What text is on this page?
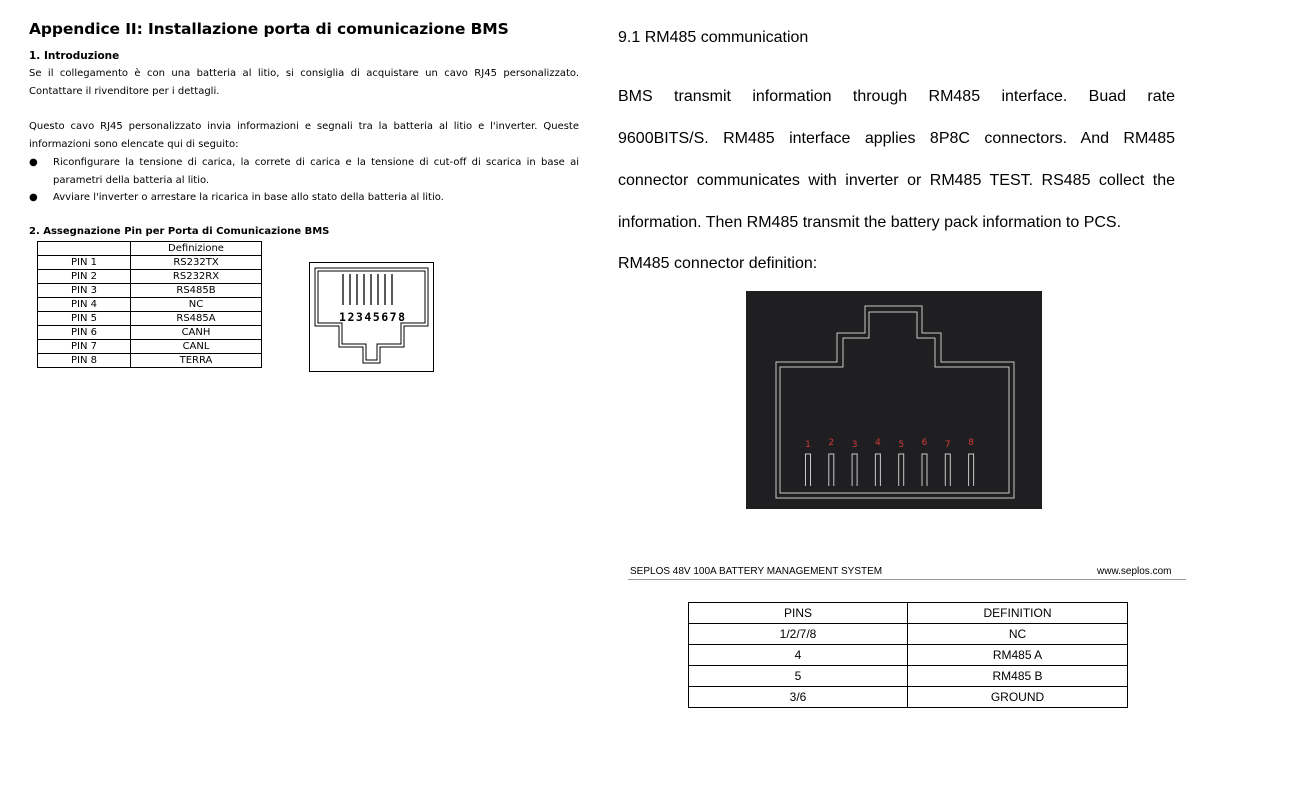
Appendice II: Installazione porta di comunicazione BMS
1. Introduzione
Se il collegamento è con una batteria al litio, si consiglia di acquistare un cavo RJ45 personalizzato. Contattare il rivenditore per i dettagli.
Questo cavo RJ45 personalizzato invia informazioni e segnali tra la batteria al litio e l'inverter. Queste informazioni sono elencate qui di seguito:
● Riconfigurare la tensione di carica, la correte di carica e la tensione di cut-off di scarica in base ai parametri della batteria al litio.
● Avviare l'inverter o arrestare la ricarica in base allo stato della batteria al litio.
2. Assegnazione Pin per Porta di Comunicazione BMS
	Definizione
PIN 1	RS232TX
PIN 2	RS232RX
PIN 3	RS485B
PIN 4	NC
PIN 5	RS485A
PIN 6	CANH
PIN 7	CANL
PIN 8	TERRA
12345678
9.1 RM485 communication
BMS transmit information through RM485 interface. Buad rate
9600BITS/S. RM485 interface applies 8P8C connectors. And RM485
connector communicates with inverter or RM485 TEST. RS485 collect the
information. Then RM485 transmit the battery pack information to PCS.
RM485 connector definition:
1 2 3 4 5 6 7 8
SEPLOS 48V 100A BATTERY MANAGEMENT SYSTEM	www.seplos.com
PINS	DEFINITION
1/2/7/8	NC
4	RM485 A
5	RM485 B
3/6	GROUND
